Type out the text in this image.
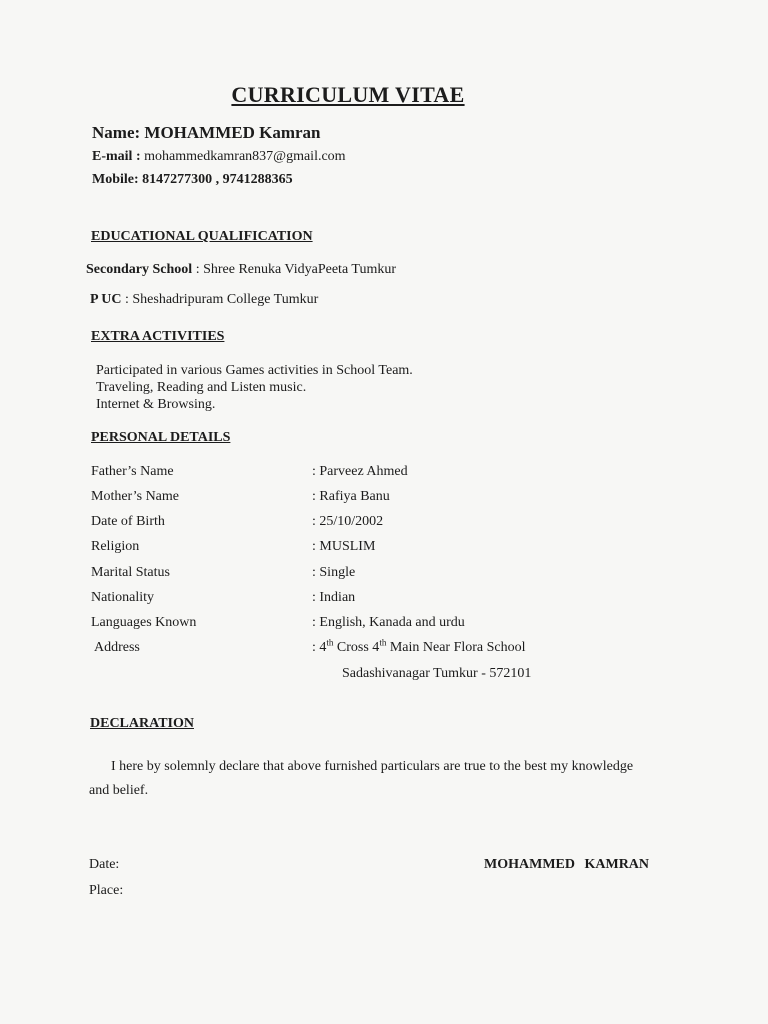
CURRICULUM VITAE
Name: MOHAMMED Kamran
E-mail : mohammedkamran837@gmail.com
Mobile: 8147277300 , 9741288365
EDUCATIONAL QUALIFICATION
Secondary School : Shree Renuka VidyaPeeta Tumkur
P UC : Sheshadripuram College Tumkur
EXTRA ACTIVITIES
Participated in various Games activities in School Team.
Traveling, Reading and Listen music.
Internet & Browsing.
PERSONAL DETAILS
Father’s Name	: Parveez Ahmed
Mother’s Name	: Rafiya Banu
Date of Birth	: 25/10/2002
Religion	: MUSLIM
Marital Status	: Single
Nationality	: Indian
Languages Known	: English, Kanada and urdu
Address	: 4th Cross 4th Main Near Flora School
Sadashivanagar Tumkur - 572101
DECLARATION
I here by solemnly declare that above furnished particulars are true to the best my knowledge and belief.
Date:
Place:
MOHAMMED KAMRAN
